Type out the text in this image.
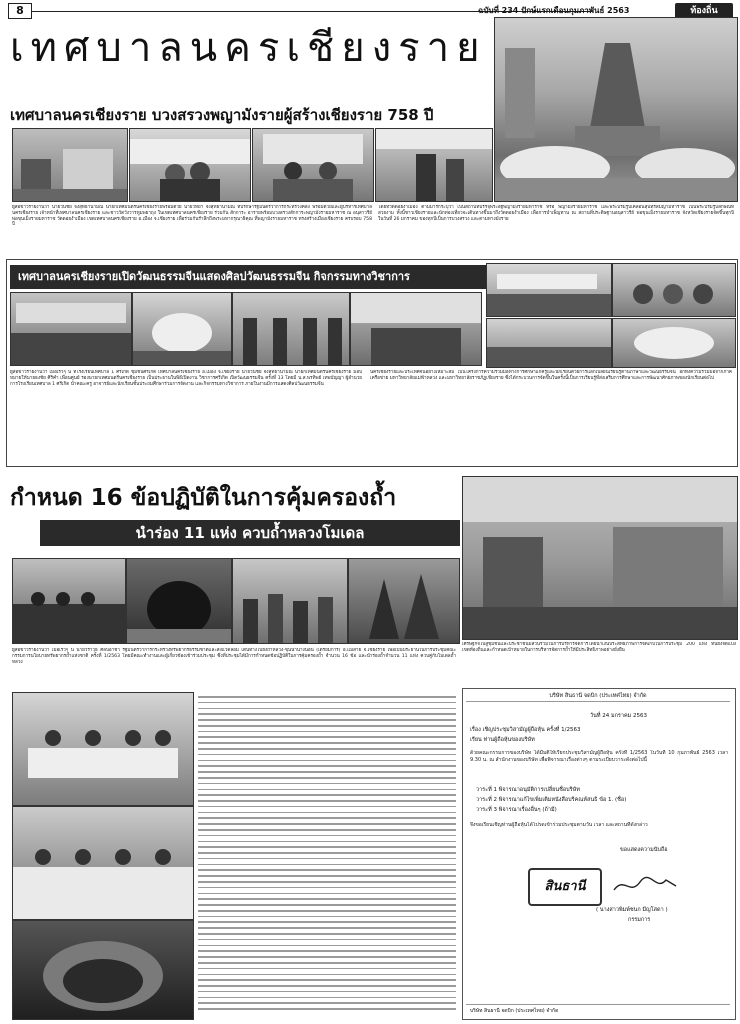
8	ฉบับที่ 234 ปักษ์แรกเดือนกุมภาพันธ์ 2563	ท้องถิ่น
เทศบาลนครเชียงราย
เทศบาลนครเชียงราย บวงสรวงพญามังรายผู้สร้างเชียงราย 758 ปี
ผู้สื่อข่าวรายงานว่า นายวันชัย จงสุทธานามณี นายกเทศมนตรีนครเชียงรายพร้อมด้วย นายวิทยา จงสุทธานามณี ที่ปรึกษารัฐมนตรีว่าการกระทรวงคลัง พร้อมด้วยและผู้บริหารเทศบาลนครเชียงราย เจ้าหน้าที่เทศบาลนครเชียงราย และชาววัดวังวารหูมพยาถุง ในเขตเทศบาลนครเชียงราย ร่วมกัน สักการะ อารายพร้อมบวงสรวงสักการะพญามังรายมหาราช ณ อนุสาวรีย์พ่อขุนเม็งรายมหาราช วัดดอยงำเมือง เขตเทศบาลนครเชียงราย อ.เมือง จ.เชียงราย เพื่อร่วมกันรำลึกถึงพระมหากรุณาธิคุณ ที่พญามังรายมหาราช ทรงสร้างเมืองเชียงราย ครบรอบ 758 ปี
โดยที่วัดดอยงำเมือง ตามมาริกระบุว่า เป็นสถานที่บรรจุพระอัฐิพญามังรายมหาราช หรือ พญามังรายมหาราช และพระบรมรูปเคลื่อนสุนทรสมญามหาราช เป็นพระบรมรูปลักษณ์ที่สวยงาม ทั้งนี้ชาวเชียงรายและนักท่องเที่ยวจะเดินทางขึ้นมาถึงวัดดอยงำเมือง เพื่อการบำเพ็ญทาน ณ สถานที่ประดิษฐานอนุสาวรีย์ พ่อขุนเม็งรายมหาราช จังหวัดเชียงรายจัดขึ้นทุกปี ในวันที่ 26 มกราคม ของทุกปีเป็นการบวงสรวง และตามทางมังราย
เทศบาลนครเชียงรายเปิดวัฒนธรรมจีนแสดงศิลปวัฒนธรรมจีน กิจกรรมทางวิชาการ
ผู้สื่อข่าวรายงานว่า เมื่อเร็วๆ นี้ ที่โรงเรียนเทศบาล 1 ศรีเกิด ชุมชนศรีเกิด เทศบาลนครเชียงราย อ.เมือง จ.เชียงราย นายวันชัย จงสุทธานามณี นายกเทศมนตรีนครเชียงราย มอบหมายให้นายธงชัย ศิริคำ เพื่อนศูนย์ รองนายกเทศมนตรีนครเชียงราย เป็นประธานในพิธีเปิดงาน วิชาการศรีเกิด เปิดวัฒนธรรมจีน ครั้งที่ 13 โดยมี น.ส.พรทิพย์ เทพบัญญา ผู้อำนวยการโรงเรียนเทศบาล 1 ศรีเกิด นำคณะครู อาจารย์และนักเรียนชั้นประถมศึกษาร่วมการจัดงาน และกิจกรรมทางวิชาการ ภายในงานมีการแสดงศิลปวัฒนธรรมจีน
นครเชียงรายและประเทศจีนอย่างเหมาะสม เป็นโครงการความร่วมมือทางการศึกษาแก่ครูและนักเรียนด้วยการแลกเปลี่ยนเรียนรู้ด้านภาษาและวัฒนธรรมจีน อีกทั้งความร่วมมือจากภาคีเครือข่าย มหาวิทยาลัยแม่ฟ้าหลวง และมหาวิทยาลัยราชภัฏเชียงราย ซึ่งได้กระบวนการจัดขึ้นในครั้งนี้เป็นการเรียนรู้ที่ส่งเสริมการศึกษาและการพัฒนาศักยภาพของนักเรียนต่อไป
กำหนด 16 ข้อปฏิบัติในการคุ้มครองถ้ำ
นำร่อง 11 แห่ง ควบถ้ำหลวงโมเดล
เศรษฐกิจไปสู่ชุมชนและประชาชนมีส่วนร่วมในการบริหารจัดการโดยนำเงินประสิทธิภาพการจัดเก็บในการประชุม 200 แห่ง ที่นี่ยังจัดแบ่งเขตท้องถิ่นและกำหนดเป้าหมายในการบริหารจัดการถ้ำให้มีประสิทธิภาพอย่างยั่งยืน
ผู้สื่อข่าวรายงานว่า เมื่อเร็วๆ นี้ นายวราวุธ ศิลปอาชา รัฐมนตรีว่าการกระทรวงทรัพยากรธรรมชาติและสิ่งแวดล้อม เดินทางไปยังถ้ำหลวง-ขุนน้ำนางนอน (เตรียมการ) อ.แม่สาย จ.เชียงราย เพื่อเป็นประธานในการประชุมคณะกรรมการนโยบายทรัพยากรถ้ำแห่งชาติ ครั้งที่ 1/2563 โดยมีคณะทำงานและผู้เกี่ยวข้องเข้าร่วมประชุม ซึ่งที่ประชุมได้มีการกำหนดข้อปฏิบัติในการคุ้มครองถ้ำ จำนวน 16 ข้อ และนำร่องถ้ำจำนวน 11 แห่ง ควบคู่กับโมเดลถ้ำหลวง
บริษัท สินธานี จดบิก (ประเทศไทย) จำกัด
วันที่ 24 มกราคม 2563
เรื่อง เชิญประชุมวิสามัญผู้ถือหุ้น ครั้งที่ 1/2563
เรียน ท่านผู้ถือหุ้นของบริษัท
ด้วยคณะกรรมการของบริษัท ได้มีมติให้เรียกประชุมวิสามัญผู้ถือหุ้น ครั้งที่ 1/2563 ในวันที่ 10 กุมภาพันธ์ 2563 เวลา 9.30 น. ณ สำนักงานของบริษัท เพื่อพิจารณาเรื่องต่างๆ ตามระเบียบวาระดังต่อไปนี้
วาระที่ 1 พิจารณาอนุมัติการเปลี่ยนชื่อบริษัท
วาระที่ 2 พิจารณาแก้ไขเพิ่มเติมหนังสือบริคณห์สนธิ ข้อ 1. (ชื่อ)
วาระที่ 3 พิจารณาเรื่องอื่นๆ (ถ้ามี)
จึงขอเรียนเชิญท่านผู้ถือหุ้นได้โปรดเข้าร่วมประชุมตามวัน เวลา และสถานที่ดังกล่าว
ขอแสดงความนับถือ
สินธานี
( นางสาวพิมพ์ชนก มีญโสดา )
กรรมการ
บริษัท สินธานี จดบิก (ประเทศไทย) จำกัด
